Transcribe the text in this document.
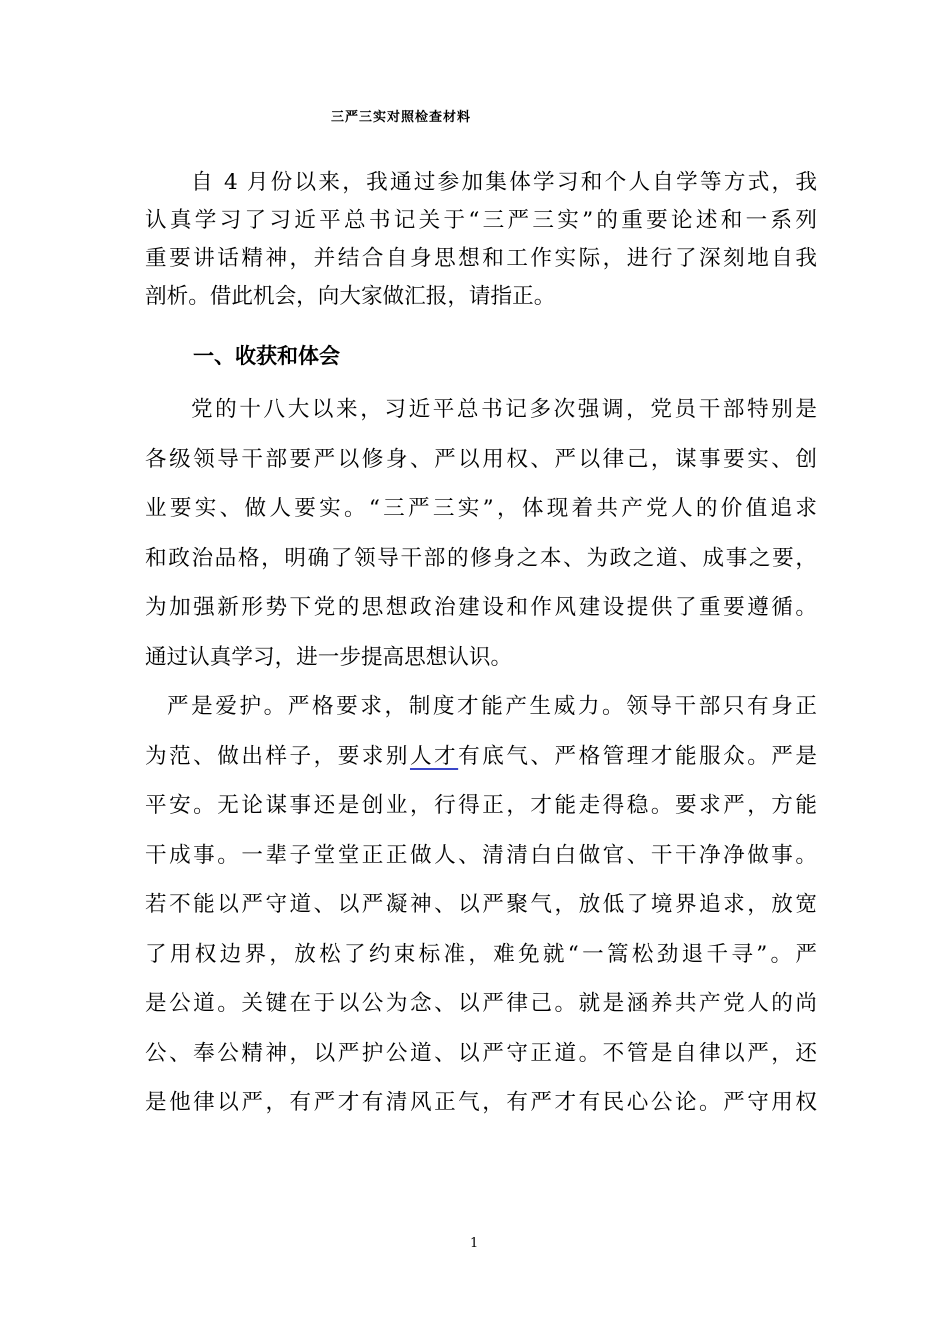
三严三实对照检查材料
自 4 月份以来，我通过参加集体学习和个人自学等方式，我
认真学习了习近平总书记关于“三严三实”的重要论述和一系列
重要讲话精神，并结合自身思想和工作实际，进行了深刻地自我
剖析。借此机会，向大家做汇报，请指正。
一、收获和体会
党的十八大以来，习近平总书记多次强调，党员干部特别是
各级领导干部要严以修身、严以用权、严以律己，谋事要实、创
业要实、做人要实。“三严三实”，体现着共产党人的价值追求
和政治品格，明确了领导干部的修身之本、为政之道、成事之要，
为加强新形势下党的思想政治建设和作风建设提供了重要遵循。
通过认真学习，进一步提高思想认识。
严是爱护。严格要求，制度才能产生威力。领导干部只有身正
为范、做出样子，要求别人才有底气、严格管理才能服众。严是
平安。无论谋事还是创业，行得正，才能走得稳。要求严，方能
干成事。一辈子堂堂正正做人、清清白白做官、干干净净做事。
若不能以严守道、以严凝神、以严聚气，放低了境界追求，放宽
了用权边界，放松了约束标准，难免就“一篙松劲退千寻”。严
是公道。关键在于以公为念、以严律己。就是涵养共产党人的尚
公、奉公精神，以严护公道、以严守正道。不管是自律以严，还
是他律以严，有严才有清风正气，有严才有民心公论。严守用权
1
